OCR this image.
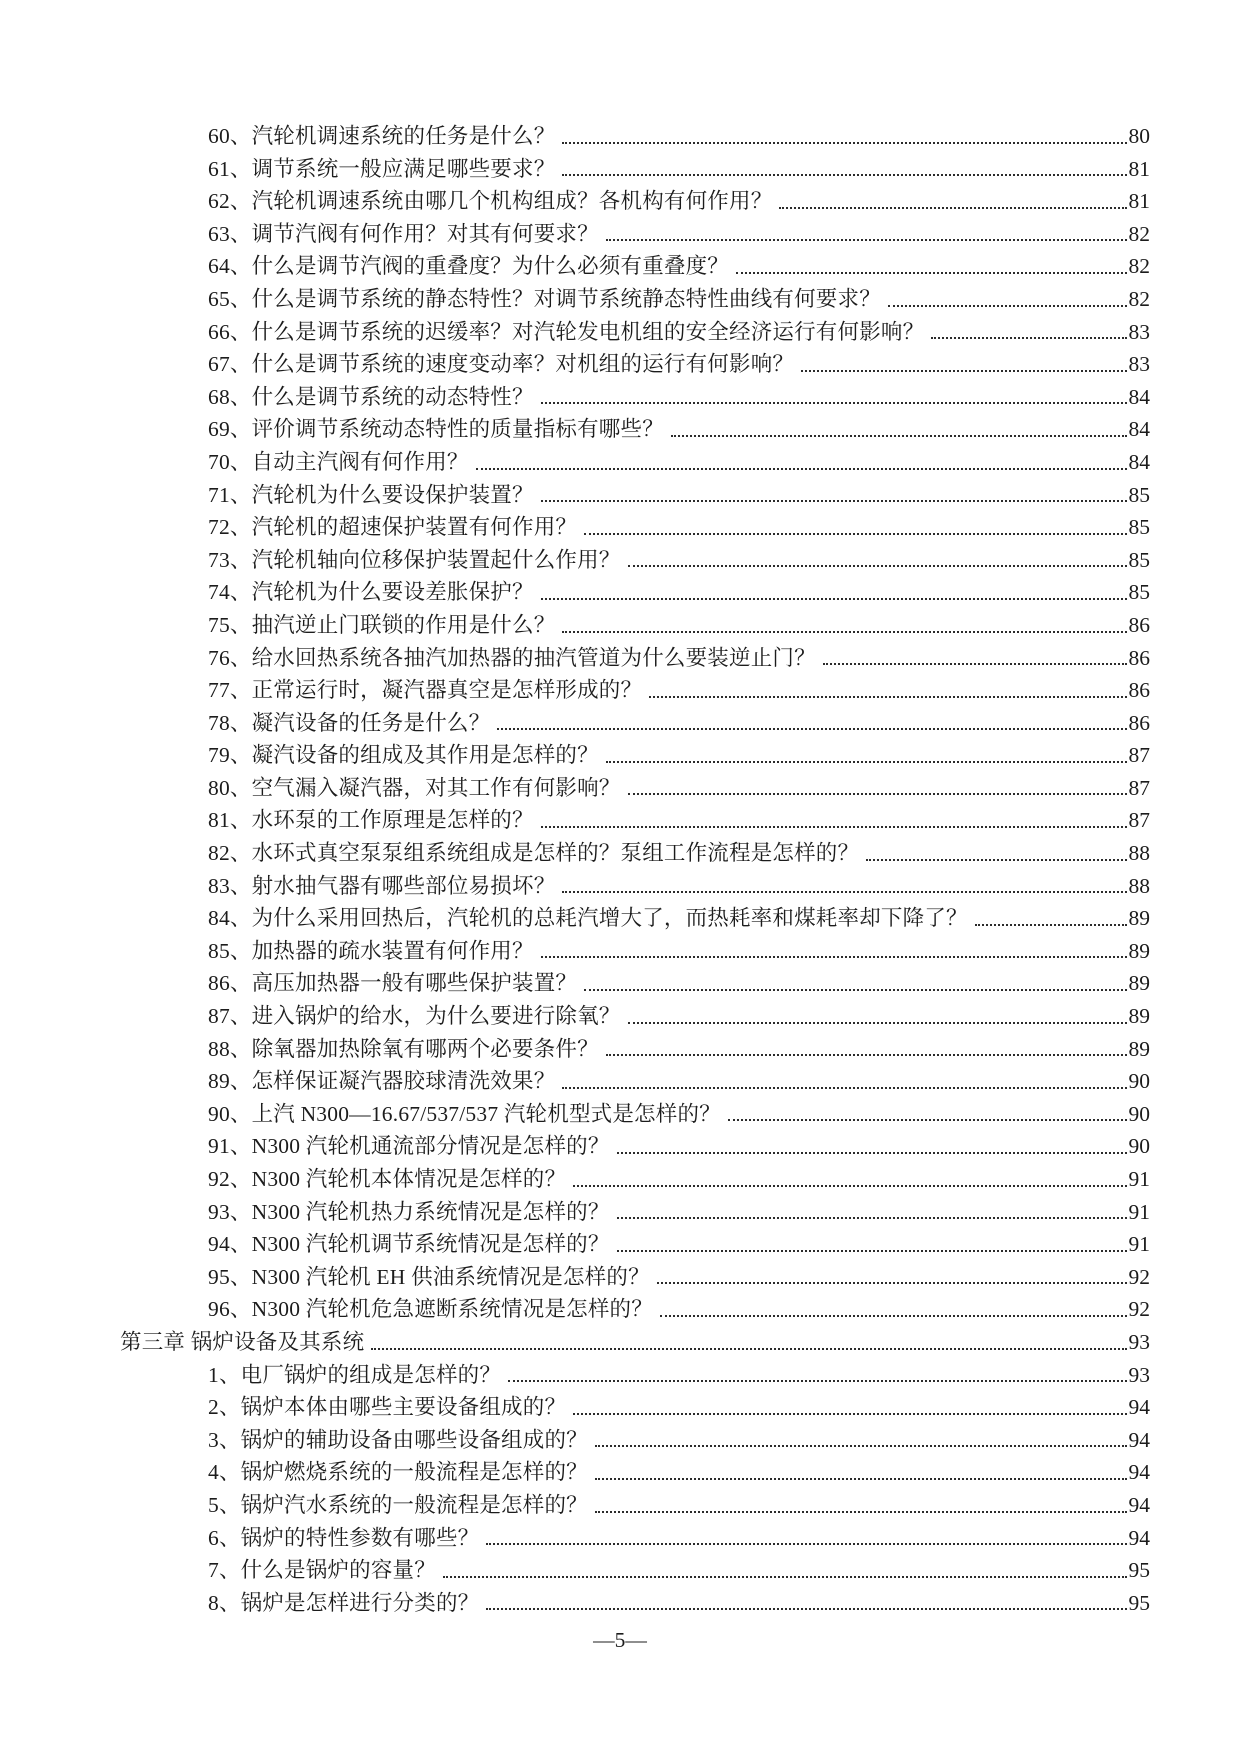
60、汽轮机调速系统的任务是什么？	80
61、调节系统一般应满足哪些要求？	81
62、汽轮机调速系统由哪几个机构组成？各机构有何作用？	81
63、调节汽阀有何作用？对其有何要求？	82
64、什么是调节汽阀的重叠度？为什么必须有重叠度？	82
65、什么是调节系统的静态特性？对调节系统静态特性曲线有何要求？	82
66、什么是调节系统的迟缓率？对汽轮发电机组的安全经济运行有何影响？	83
67、什么是调节系统的速度变动率？对机组的运行有何影响？	83
68、什么是调节系统的动态特性？	84
69、评价调节系统动态特性的质量指标有哪些？	84
70、自动主汽阀有何作用？	84
71、汽轮机为什么要设保护装置？	85
72、汽轮机的超速保护装置有何作用？	85
73、汽轮机轴向位移保护装置起什么作用？	85
74、汽轮机为什么要设差胀保护？	85
75、抽汽逆止门联锁的作用是什么？	86
76、给水回热系统各抽汽加热器的抽汽管道为什么要装逆止门？	86
77、正常运行时，凝汽器真空是怎样形成的？	86
78、凝汽设备的任务是什么？	86
79、凝汽设备的组成及其作用是怎样的？	87
80、空气漏入凝汽器，对其工作有何影响？	87
81、水环泵的工作原理是怎样的？	87
82、水环式真空泵泵组系统组成是怎样的？泵组工作流程是怎样的？	88
83、射水抽气器有哪些部位易损坏？	88
84、为什么采用回热后，汽轮机的总耗汽增大了，而热耗率和煤耗率却下降了？	89
85、加热器的疏水装置有何作用？	89
86、高压加热器一般有哪些保护装置？	89
87、进入锅炉的给水，为什么要进行除氧？	89
88、除氧器加热除氧有哪两个必要条件？	89
89、怎样保证凝汽器胶球清洗效果？	90
90、上汽 N300—16.67/537/537 汽轮机型式是怎样的？	90
91、N300 汽轮机通流部分情况是怎样的？	90
92、N300 汽轮机本体情况是怎样的？	91
93、N300 汽轮机热力系统情况是怎样的？	91
94、N300 汽轮机调节系统情况是怎样的？	91
95、N300 汽轮机 EH 供油系统情况是怎样的？	92
96、N300 汽轮机危急遮断系统情况是怎样的？	92
第三章 锅炉设备及其系统	93
1、电厂锅炉的组成是怎样的？	93
2、锅炉本体由哪些主要设备组成的？	94
3、锅炉的辅助设备由哪些设备组成的？	94
4、锅炉燃烧系统的一般流程是怎样的？	94
5、锅炉汽水系统的一般流程是怎样的？	94
6、锅炉的特性参数有哪些？	94
7、什么是锅炉的容量？	95
8、锅炉是怎样进行分类的？	95
—5—
